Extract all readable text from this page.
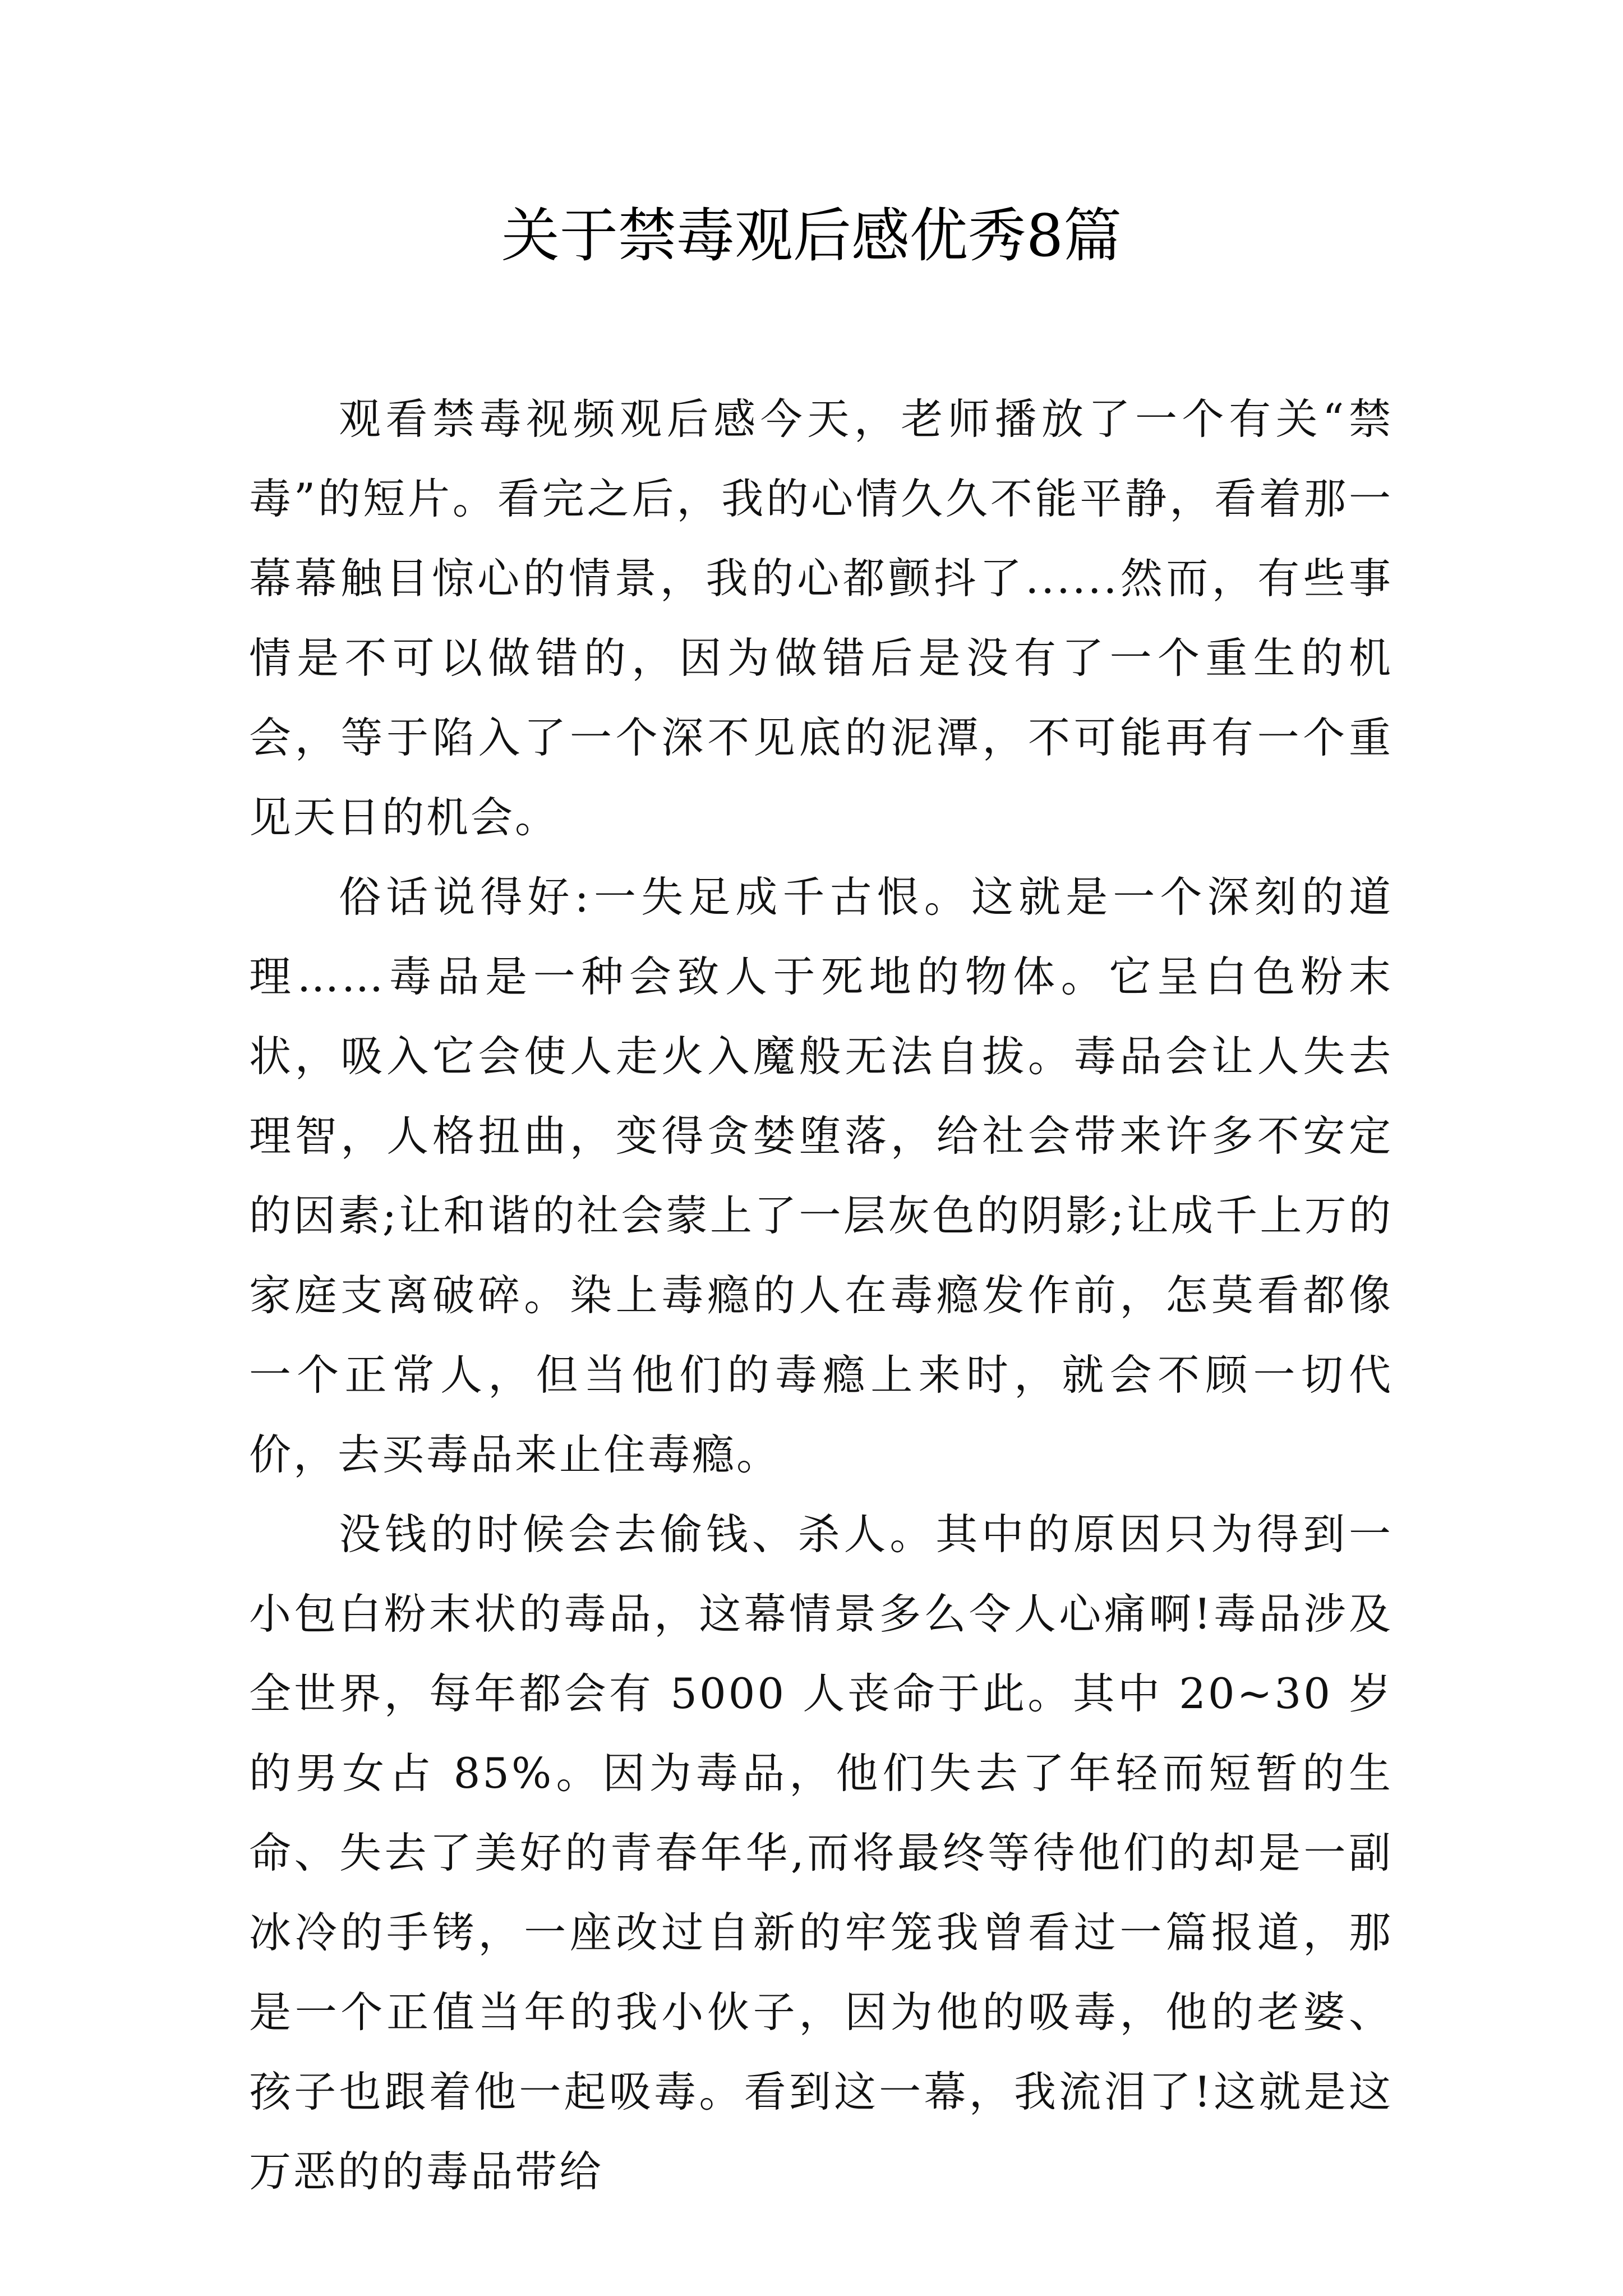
关于禁毒观后感优秀8篇

观看禁毒视频观后感今天，老师播放了一个有关“禁毒”的短片。看完之后，我的心情久久不能平静，看着那一幕幕触目惊心的情景，我的心都颤抖了......然而，有些事情是不可以做错的，因为做错后是没有了一个重生的机会，等于陷入了一个深不见底的泥潭，不可能再有一个重见天日的机会。

俗话说得好:一失足成千古恨。这就是一个深刻的道理……毒品是一种会致人于死地的物体。它呈白色粉末状，吸入它会使人走火入魔般无法自拔。毒品会让人失去理智，人格扭曲，变得贪婪堕落，给社会带来许多不安定的因素;让和谐的社会蒙上了一层灰色的阴影;让成千上万的家庭支离破碎。染上毒瘾的人在毒瘾发作前，怎莫看都像一个正常人，但当他们的毒瘾上来时，就会不顾一切代价，去买毒品来止住毒瘾。

没钱的时候会去偷钱、杀人。其中的原因只为得到一小包白粉末状的毒品，这幕情景多么令人心痛啊!毒品涉及全世界，每年都会有 5000 人丧命于此。其中 20~30 岁的男女占 85%。因为毒品，他们失去了年轻而短暂的生命、失去了美好的青春年华,而将最终等待他们的却是一副冰冷的手铐，一座改过自新的牢笼我曾看过一篇报道，那是一个正值当年的我小伙子，因为他的吸毒，他的老婆、孩子也跟着他一起吸毒。看到这一幕，我流泪了!这就是这万恶的的毒品带给
